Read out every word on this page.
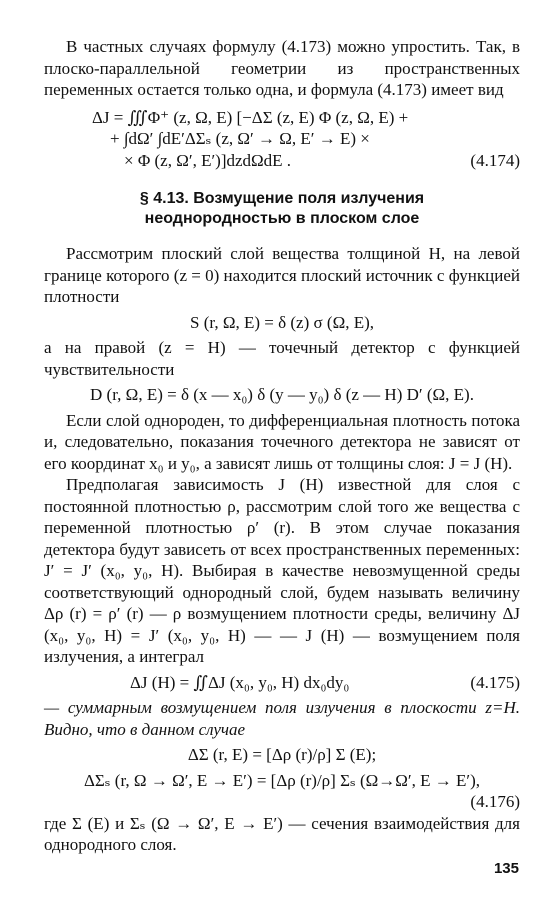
В частных случаях формулу (4.173) можно упростить. Так, в плоско-параллельной геометрии из пространственных переменных остается только одна, и формула (4.173) имеет вид

ΔJ = ∭Φ⁺ (z, Ω, E) [−ΔΣ (z, E) Φ (z, Ω, E) +
+ ∫dΩ′ ∫dE′ΔΣₛ (z, Ω′ → Ω, E′ → E) ×
× Φ (z, Ω′, E′)]dzdΩdE .	(4.174)
§ 4.13. Возмущение поля излучения неоднородностью в плоском слое

Рассмотрим плоский слой вещества толщиной H, на левой границе которого (z = 0) находится плоский источник с функцией плотности

S (r, Ω, E) = δ (z) σ (Ω, E),

а на правой (z = H) — точечный детектор с функцией чувствительности

D (r, Ω, E) = δ (x — x₀) δ (y — y₀) δ (z — H) D′ (Ω, E).

Если слой однороден, то дифференциальная плотность потока и, следовательно, показания точечного детектора не зависят от его координат x₀ и y₀, а зависят лишь от толщины слоя: J = J (H).

Предполагая зависимость J (H) известной для слоя с постоянной плотностью ρ, рассмотрим слой того же вещества с переменной плотностью ρ′ (r). В этом случае показания детектора будут зависеть от всех пространственных переменных: J′ = J′ (x₀, y₀, H). Выбирая в качестве невозмущенной среды соответствующий однородный слой, будем называть величину Δρ (r) = ρ′ (r) — ρ возмущением плотности среды, величину ΔJ (x₀, y₀, H) = J′ (x₀, y₀, H) — — J (H) — возмущением поля излучения, а интеграл

ΔJ (H) = ∬ΔJ (x₀, y₀, H) dx₀dy₀	(4.175)

— суммарным возмущением поля излучения в плоскости z=H. Видно, что в данном случае

ΔΣ (r, E) = [Δρ (r)/ρ] Σ (E);
ΔΣₛ (r, Ω → Ω′, E → E′) = [Δρ (r)/ρ] Σₛ (Ω→Ω′, E → E′),
(4.176)

где Σ (E) и Σₛ (Ω → Ω′, E → E′) — сечения взаимодействия для однородного слоя.

135
